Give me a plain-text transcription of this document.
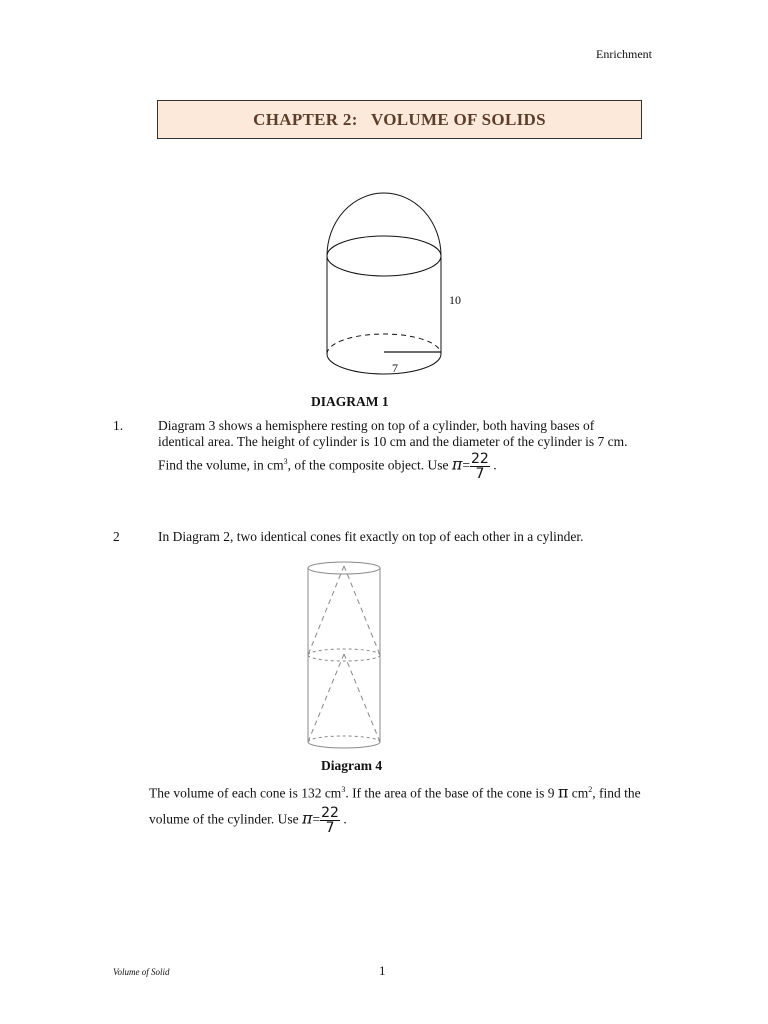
Enrichment
CHAPTER 2:   VOLUME OF SOLIDS
10
7
DIAGRAM 1
1.	Diagram 3 shows a hemisphere resting on top of a cylinder, both having bases of
identical area. The height of cylinder is 10 cm and the diameter of the cylinder is 7 cm.
Find the volume, in $cm^3$, of the composite object. Use $\pi= \frac{22}{7}$ .
2	In Diagram 2, two identical cones fit exactly on top of each other in a cylinder.
Diagram 4
The volume of each cone is 132 $cm^3$. If the area of the base of the cone is 9 π $cm^2$, find the
volume of the cylinder. Use $\pi= \frac{22}{7}$ .
Volume of Solid	1
